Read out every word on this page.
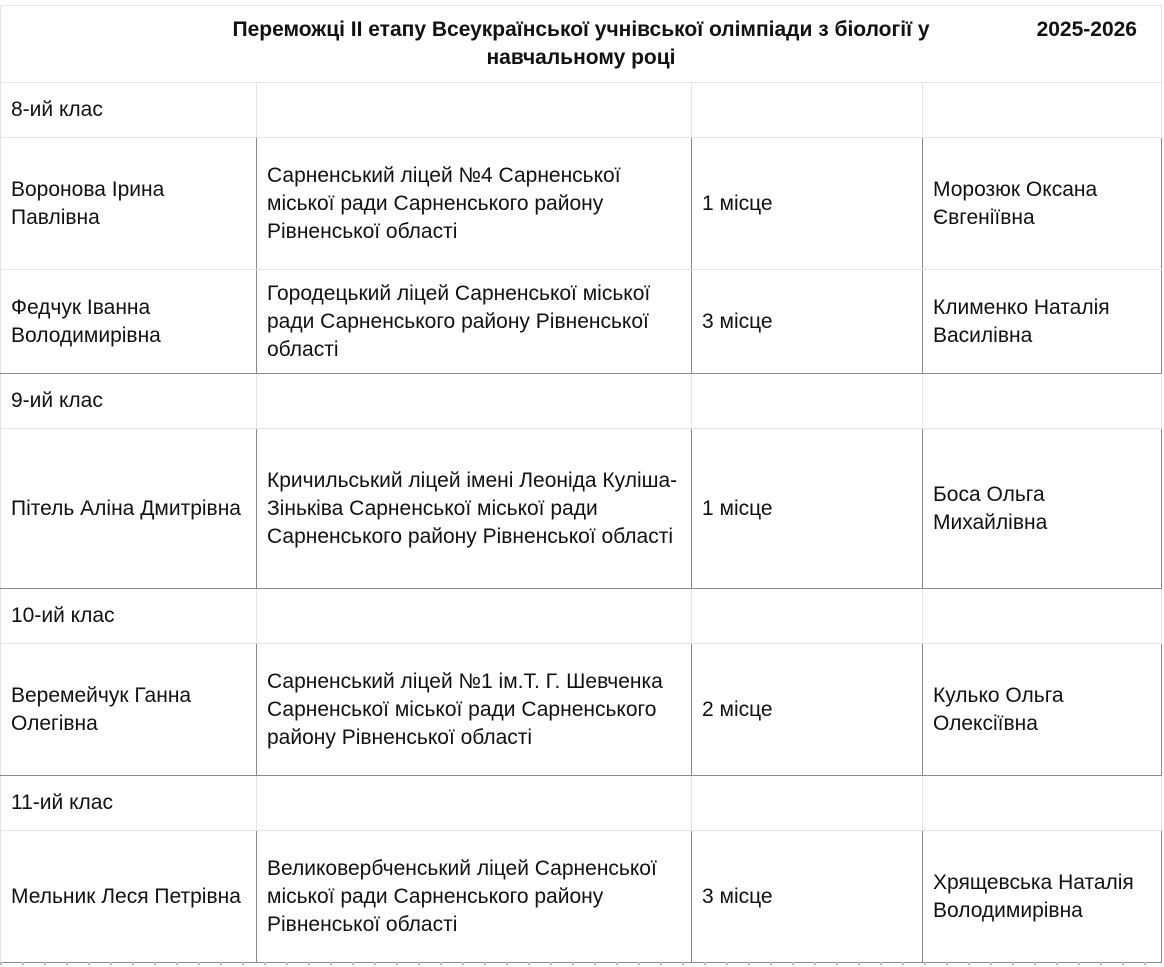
Переможці ІІ етапу Всеукраїнської учнівської олімпіади з біології у навчальному році
2025-2026			

8-ий клас			
Воронова Ірина Павлівна	Сарненський ліцей №4 Сарненської міської ради Сарненського району Рівненської області	1 місце	Морозюк Оксана Євгеніївна
Федчук Іванна Володимирівна	Городецький ліцей Сарненської міської ради Сарненського району Рівненської області	3 місце	Клименко Наталія Василівна
9-ий клас			
Пітель Аліна Дмитрівна	Кричильський ліцей імені Леоніда Куліша-Зіньківа Сарненської міської ради Сарненського району Рівненської області	1 місце	Боса Ольга Михайлівна
10-ий клас			
Веремейчук Ганна Олегівна	Сарненський ліцей №1 ім.Т. Г. Шевченка Сарненської міської ради Сарненського району Рівненської області	2 місце	Кулько Ольга Олексіївна
11-ий клас			
Мельник Леся Петрівна	Великовербченський ліцей Сарненської міської ради Сарненського району Рівненської області	3 місце	Хрящевська Наталія Володимирівна
